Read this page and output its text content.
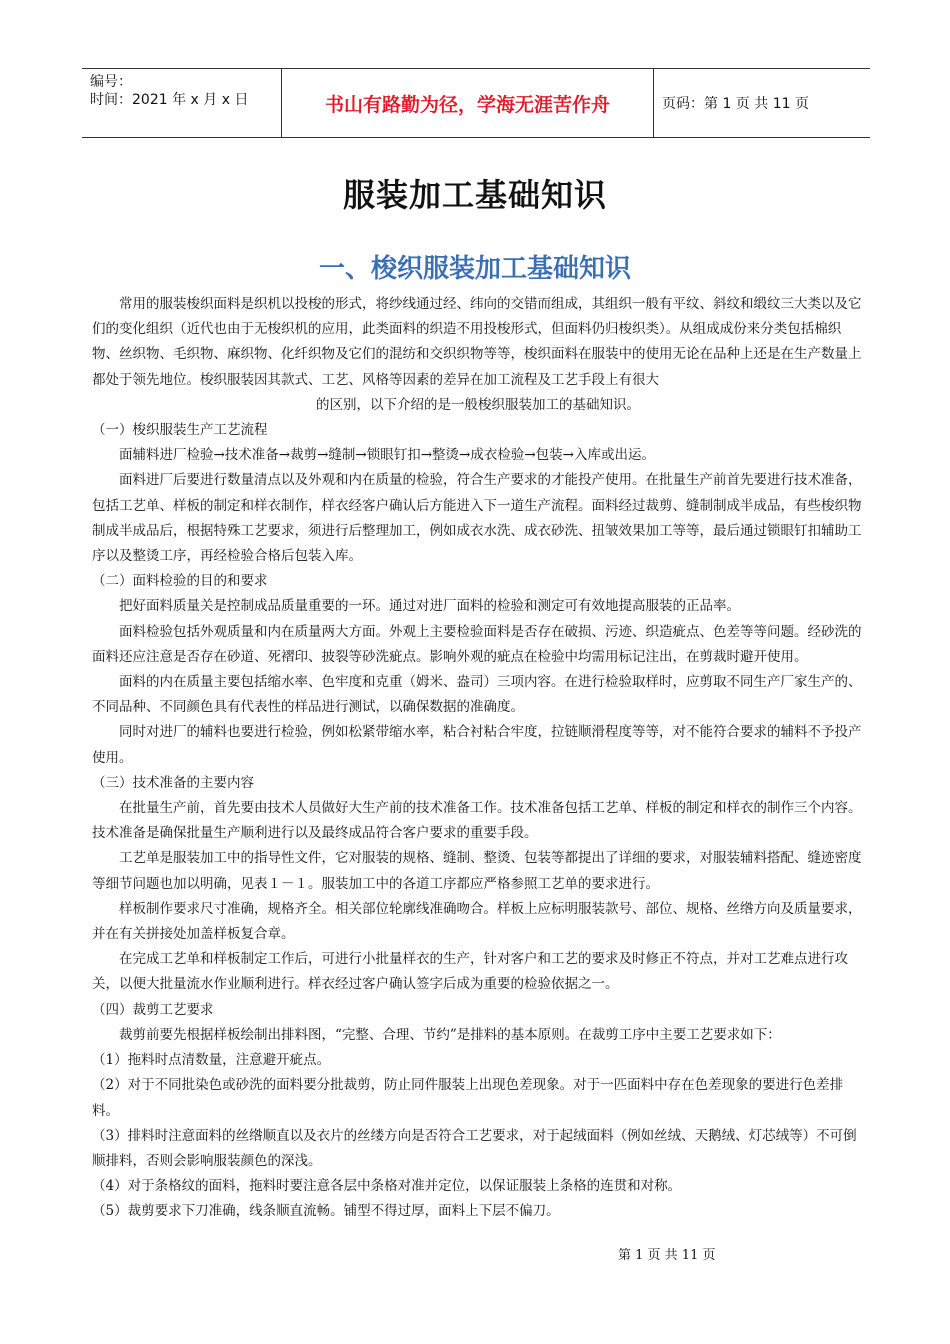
编号：
时间：2021 年 x 月 x 日	书山有路勤为径，学海无涯苦作舟	页码：第 1 页 共 11 页
服装加工基础知识
一、梭织服装加工基础知识

常用的服装梭织面料是织机以投梭的形式，将纱线通过经、纬向的交错而组成，其组织一般有平纹、斜纹和缎纹三大类以及它们的变化组织（近代也由于无梭织机的应用，此类面料的织造不用投梭形式，但面料仍归梭织类）。从组成成份来分类包括棉织物、丝织物、毛织物、麻织物、化纤织物及它们的混纺和交织织物等等，梭织面料在服装中的使用无论在品种上还是在生产数量上都处于领先地位。梭织服装因其款式、工艺、风格等因素的差异在加工流程及工艺手段上有很大

的区别，以下介绍的是一般梭织服装加工的基础知识。

（一）梭织服装生产工艺流程

面辅料进厂检验→技术准备→裁剪→缝制→锁眼钉扣→整烫→成衣检验→包装→入库或出运。

面料进厂后要进行数量清点以及外观和内在质量的检验，符合生产要求的才能投产使用。在批量生产前首先要进行技术准备，包括工艺单、样板的制定和样衣制作，样衣经客户确认后方能进入下一道生产流程。面料经过裁剪、缝制制成半成品，有些梭织物制成半成品后，根据特殊工艺要求，须进行后整理加工，例如成衣水洗、成衣砂洗、扭皱效果加工等等，最后通过锁眼钉扣辅助工序以及整烫工序，再经检验合格后包装入库。

（二）面料检验的目的和要求

把好面料质量关是控制成品质量重要的一环。通过对进厂面料的检验和测定可有效地提高服装的正品率。

面料检验包括外观质量和内在质量两大方面。外观上主要检验面料是否存在破损、污迹、织造疵点、色差等等问题。经砂洗的面料还应注意是否存在砂道、死褶印、披裂等砂洗疵点。影响外观的疵点在检验中均需用标记注出，在剪裁时避开使用。

面料的内在质量主要包括缩水率、色牢度和克重（姆米、盎司）三项内容。在进行检验取样时，应剪取不同生产厂家生产的、不同品种、不同颜色具有代表性的样品进行测试，以确保数据的准确度。

同时对进厂的辅料也要进行检验，例如松紧带缩水率，粘合衬粘合牢度，拉链顺滑程度等等，对不能符合要求的辅料不予投产使用。

（三）技术准备的主要内容

在批量生产前，首先要由技术人员做好大生产前的技术准备工作。技术准备包括工艺单、样板的制定和样衣的制作三个内容。技术准备是确保批量生产顺利进行以及最终成品符合客户要求的重要手段。

工艺单是服装加工中的指导性文件，它对服装的规格、缝制、整烫、包装等都提出了详细的要求，对服装辅料搭配、缝迹密度等细节问题也加以明确，见表１－１。服装加工中的各道工序都应严格参照工艺单的要求进行。

样板制作要求尺寸准确，规格齐全。相关部位轮廓线准确吻合。样板上应标明服装款号、部位、规格、丝绺方向及质量要求，并在有关拼接处加盖样板复合章。

在完成工艺单和样板制定工作后，可进行小批量样衣的生产，针对客户和工艺的要求及时修正不符点，并对工艺难点进行攻关，以便大批量流水作业顺利进行。样衣经过客户确认签字后成为重要的检验依据之一。

（四）裁剪工艺要求

裁剪前要先根据样板绘制出排料图，“完整、合理、节约”是排料的基本原则。在裁剪工序中主要工艺要求如下：

（1）拖料时点清数量，注意避开疵点。

（2）对于不同批染色或砂洗的面料要分批裁剪，防止同件服装上出现色差现象。对于一匹面料中存在色差现象的要进行色差排料。

（3）排料时注意面料的丝绺顺直以及衣片的丝缕方向是否符合工艺要求，对于起绒面料（例如丝绒、天鹅绒、灯芯绒等）不可倒顺排料，否则会影响服装颜色的深浅。

（4）对于条格纹的面料，拖料时要注意各层中条格对准并定位，以保证服装上条格的连贯和对称。

（5）裁剪要求下刀准确，线条顺直流畅。铺型不得过厚，面料上下层不偏刀。

第 1 页 共 11 页
